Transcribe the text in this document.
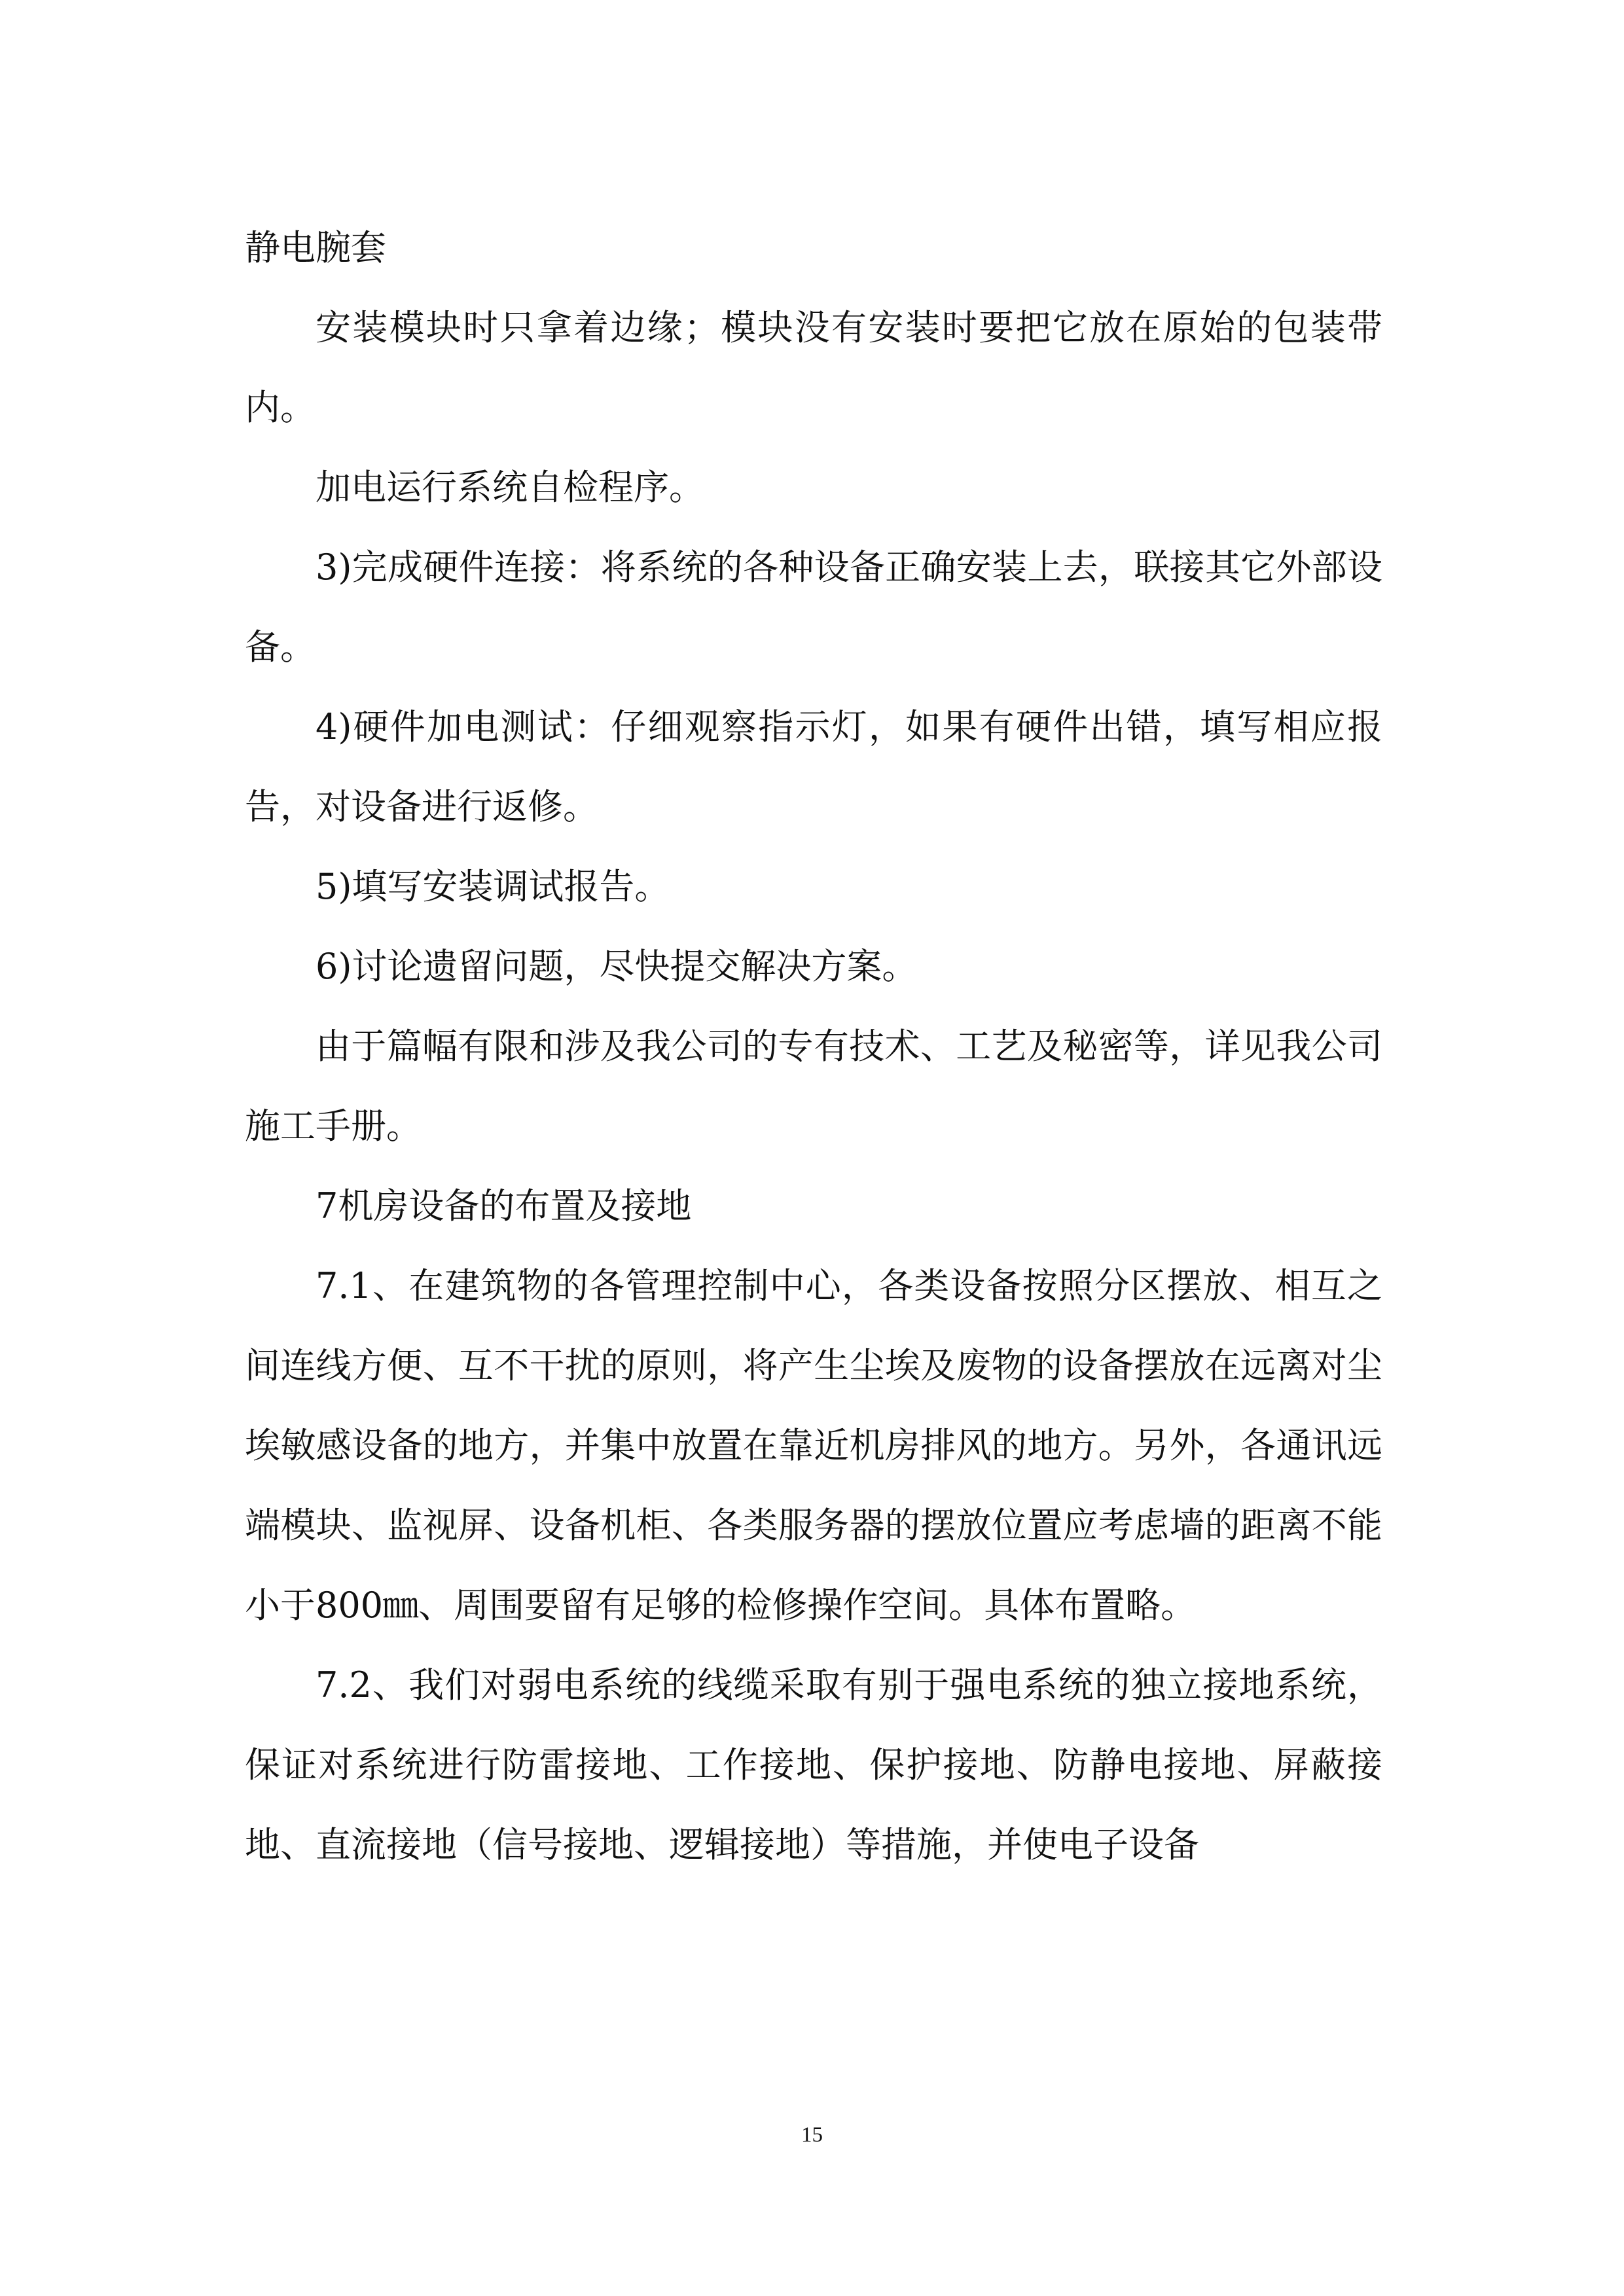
静电腕套

安装模块时只拿着边缘；模块没有安装时要把它放在原始的包装带内。

加电运行系统自检程序。

3)完成硬件连接：将系统的各种设备正确安装上去，联接其它外部设备。

4)硬件加电测试：仔细观察指示灯，如果有硬件出错，填写相应报告，对设备进行返修。

5)填写安装调试报告。

6)讨论遗留问题，尽快提交解决方案。

由于篇幅有限和涉及我公司的专有技术、工艺及秘密等，详见我公司施工手册。

7机房设备的布置及接地

7.1、在建筑物的各管理控制中心，各类设备按照分区摆放、相互之间连线方便、互不干扰的原则，将产生尘埃及废物的设备摆放在远离对尘埃敏感设备的地方，并集中放置在靠近机房排风的地方。另外，各通讯远端模块、监视屏、设备机柜、各类服务器的摆放位置应考虑墙的距离不能小于800㎜、周围要留有足够的检修操作空间。具体布置略。

7.2、我们对弱电系统的线缆采取有别于强电系统的独立接地系统，保证对系统进行防雷接地、工作接地、保护接地、防静电接地、屏蔽接地、直流接地（信号接地、逻辑接地）等措施，并使电子设备

15
